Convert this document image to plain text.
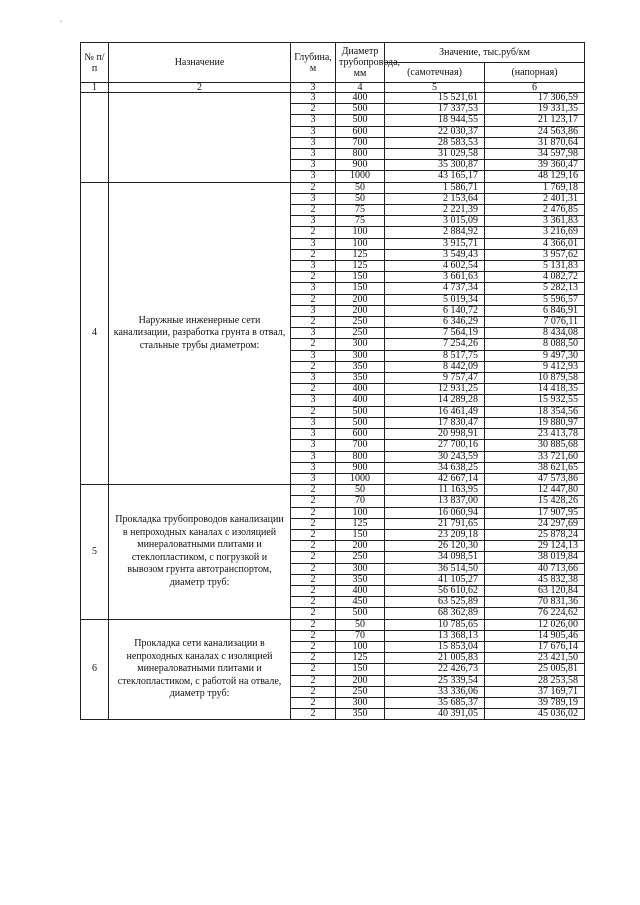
.
№ п/п	Назначение	Глубина, м	Диаметр трубопровода, мм	Значение, тыс.руб/км	
				(самотечная)	(напорная)
1	2	3	4	5	6
		3	400	15 521,61	17 306,59
		2	500	17 337,53	19 331,35
		3	500	18 944,55	21 123,17
		3	600	22 030,37	24 563,86
		3	700	28 583,53	31 870,64
		3	800	31 029,58	34 597,98
		3	900	35 300,87	39 360,47
		3	1000	43 165,17	48 129,16
4	Наружные инженерные сети канализации, разработка грунта в отвал, стальные трубы диаметром:	2	50	1 586,71	1 769,18
		3	50	2 153,64	2 401,31
		2	75	2 221,39	2 476,85
		3	75	3 015,09	3 361,83
		2	100	2 884,92	3 216,69
		3	100	3 915,71	4 366,01
		2	125	3 549,43	3 957,62
		3	125	4 602,54	5 131,83
		2	150	3 661,63	4 082,72
		3	150	4 737,34	5 282,13
		2	200	5 019,34	5 596,57
		3	200	6 140,72	6 846,91
		2	250	6 346,29	7 076,11
		3	250	7 564,19	8 434,08
		2	300	7 254,26	8 088,50
		3	300	8 517,75	9 497,30
		2	350	8 442,09	9 412,93
		3	350	9 757,47	10 879,58
		2	400	12 931,25	14 418,35
		3	400	14 289,28	15 932,55
		2	500	16 461,49	18 354,56
		3	500	17 830,47	19 880,97
		3	600	20 998,91	23 413,78
		3	700	27 700,16	30 885,68
		3	800	30 243,59	33 721,60
		3	900	34 638,25	38 621,65
		3	1000	42 667,14	47 573,86
5	Прокладка трубопроводов канализации в непроходных каналах с изоляцией минераловатными плитами и стеклопластиком, с погрузкой и вывозом грунта автотранспортом, диаметр труб:	2	50	11 163,95	12 447,80
		2	70	13 837,00	15 428,26
		2	100	16 060,94	17 907,95
		2	125	21 791,65	24 297,69
		2	150	23 209,18	25 878,24
		2	200	26 120,30	29 124,13
		2	250	34 098,51	38 019,84
		2	300	36 514,50	40 713,66
		2	350	41 105,27	45 832,38
		2	400	56 610,62	63 120,84
		2	450	63 525,89	70 831,36
		2	500	68 362,89	76 224,62
6	Прокладка сети канализации в непроходных каналах с изоляцией минераловатными плитами и стеклопластиком, с работой на отвале, диаметр труб:	2	50	10 785,65	12 026,00
		2	70	13 368,13	14 905,46
		2	100	15 853,04	17 676,14
		2	125	21 005,83	23 421,50
		2	150	22 426,73	25 005,81
		2	200	25 339,54	28 253,58
		2	250	33 336,06	37 169,71
		2	300	35 685,37	39 789,19
		2	350	40 391,05	45 036,02
